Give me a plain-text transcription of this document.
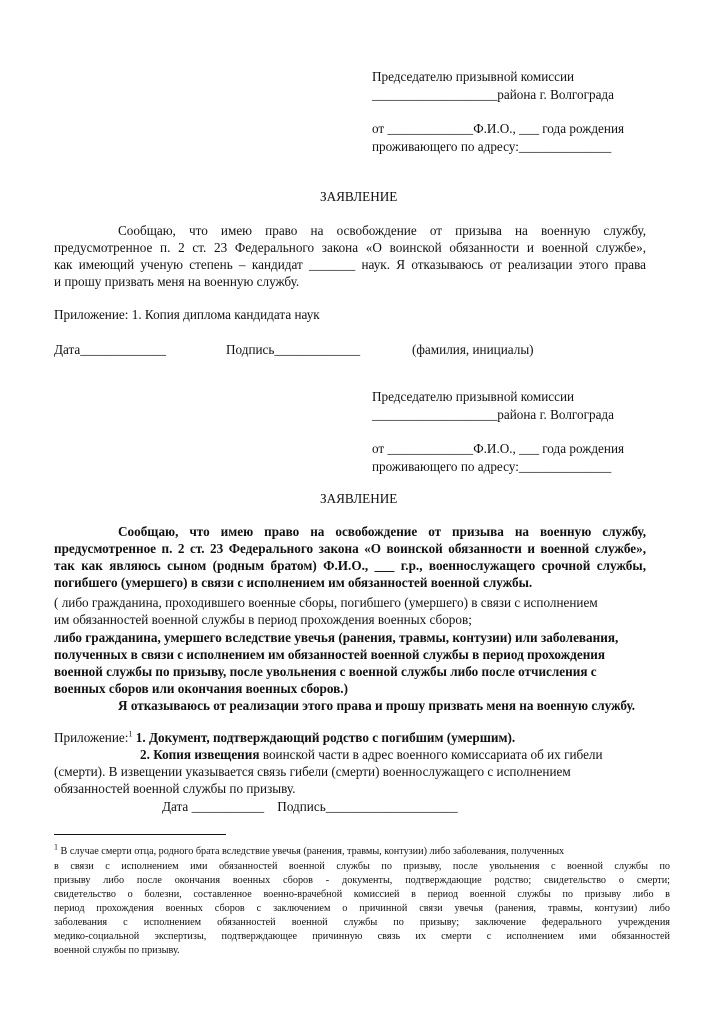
Председателю призывной комиссии
___________________района г. Волгограда
от _____________Ф.И.О., ___ года рождения
проживающего по адресу:______________
ЗАЯВЛЕНИЕ
Сообщаю, что имею право на освобождение от призыва на военную службу,
предусмотренное п. 2 ст. 23 Федерального закона «О воинской обязанности и военной службе»,
как имеющий ученую степень – кандидат _______ наук. Я отказываюсь от реализации этого права
и прошу призвать меня на военную службу.
Приложение: 1. Копия диплома кандидата наук
Дата_____________	Подпись_____________	(фамилия, инициалы)
Председателю призывной комиссии
___________________района г. Волгограда
от _____________Ф.И.О., ___ года рождения
проживающего по адресу:______________
ЗАЯВЛЕНИЕ
Сообщаю, что имею право на освобождение от призыва на военную службу,
предусмотренное п. 2 ст. 23 Федерального закона «О воинской обязанности и военной службе»,
так как являюсь сыном (родным братом) Ф.И.О., ___ г.р., военнослужащего срочной службы,
погибшего (умершего) в связи с исполнением им обязанностей военной службы.
( либо гражданина, проходившего военные сборы, погибшего (умершего) в связи с исполнением
им обязанностей военной службы в период прохождения военных сборов;
либо гражданина, умершего вследствие увечья (ранения, травмы, контузии) или заболевания,
полученных в связи с исполнением им обязанностей военной службы в период прохождения
военной службы по призыву, после увольнения с военной службы либо после отчисления с
военных сборов или окончания военных сборов.)
Я отказываюсь от реализации этого права и прошу призвать меня на военную службу.
Приложение:$^1$ 1. Документ, подтверждающий родство с погибшим (умершим).
2. Копия извещения воинской части в адрес военного комиссариата об их гибели
(смерти). В извещении указывается связь гибели (смерти) военнослужащего с исполнением
обязанностей военной службы по призыву.
Дата ___________    Подпись____________________
$^1$ В случае смерти отца, родного брата вследствие увечья (ранения, травмы, контузии) либо заболевания, полученных
в связи с исполнением ими обязанностей военной службы по призыву, после увольнения с военной службы по
призыву либо после окончания военных сборов - документы, подтверждающие родство; свидетельство о смерти;
свидетельство о болезни, составленное военно-врачебной комиссией в период военной службы по призыву либо в
период прохождения военных сборов с заключением о причинной связи увечья (ранения, травмы, контузии) либо
заболевания с исполнением обязанностей военной службы по призыву; заключение федерального учреждения
медико-социальной экспертизы, подтверждающее причинную связь их смерти с исполнением ими обязанностей
военной службы по призыву.
